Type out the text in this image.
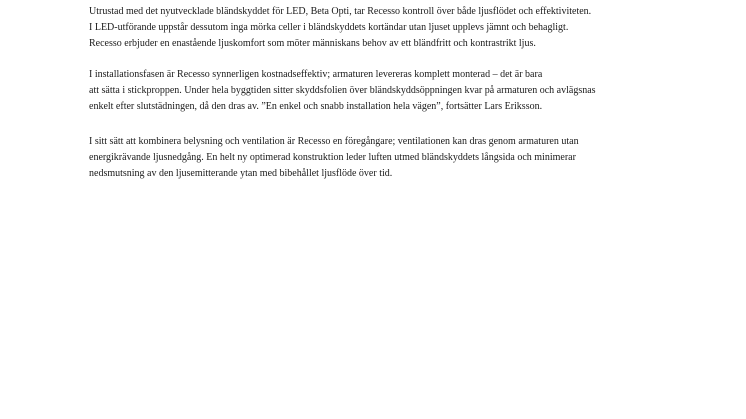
Utrustad med det nyutvecklade bländskyddet för LED, Beta Opti, tar Recesso kontroll över både ljusflödet och effektiviteten.
I LED-utförande uppstår dessutom inga mörka celler i bländskyddets kortändar utan ljuset upplevs jämnt och behagligt.
Recesso erbjuder en enastående ljuskomfort som möter människans behov av ett bländfritt och kontrastrikt ljus.

I installationsfasen är Recesso synnerligen kostnadseffektiv; armaturen levereras komplett monterad – det är bara
att sätta i stickproppen. Under hela byggtiden sitter skyddsfolien över bländskyddsöppningen kvar på armaturen och avlägsnas
enkelt efter slutstädningen, då den dras av. ”En enkel och snabb installation hela vägen”, fortsätter Lars Eriksson.

I sitt sätt att kombinera belysning och ventilation är Recesso en föregångare; ventilationen kan dras genom armaturen utan
energikrävande ljusnedgång. En helt ny optimerad konstruktion leder luften utmed bländskyddets långsida och minimerar
nedsmutsning av den ljusemitterande ytan med bibehållet ljusflöde över tid.
